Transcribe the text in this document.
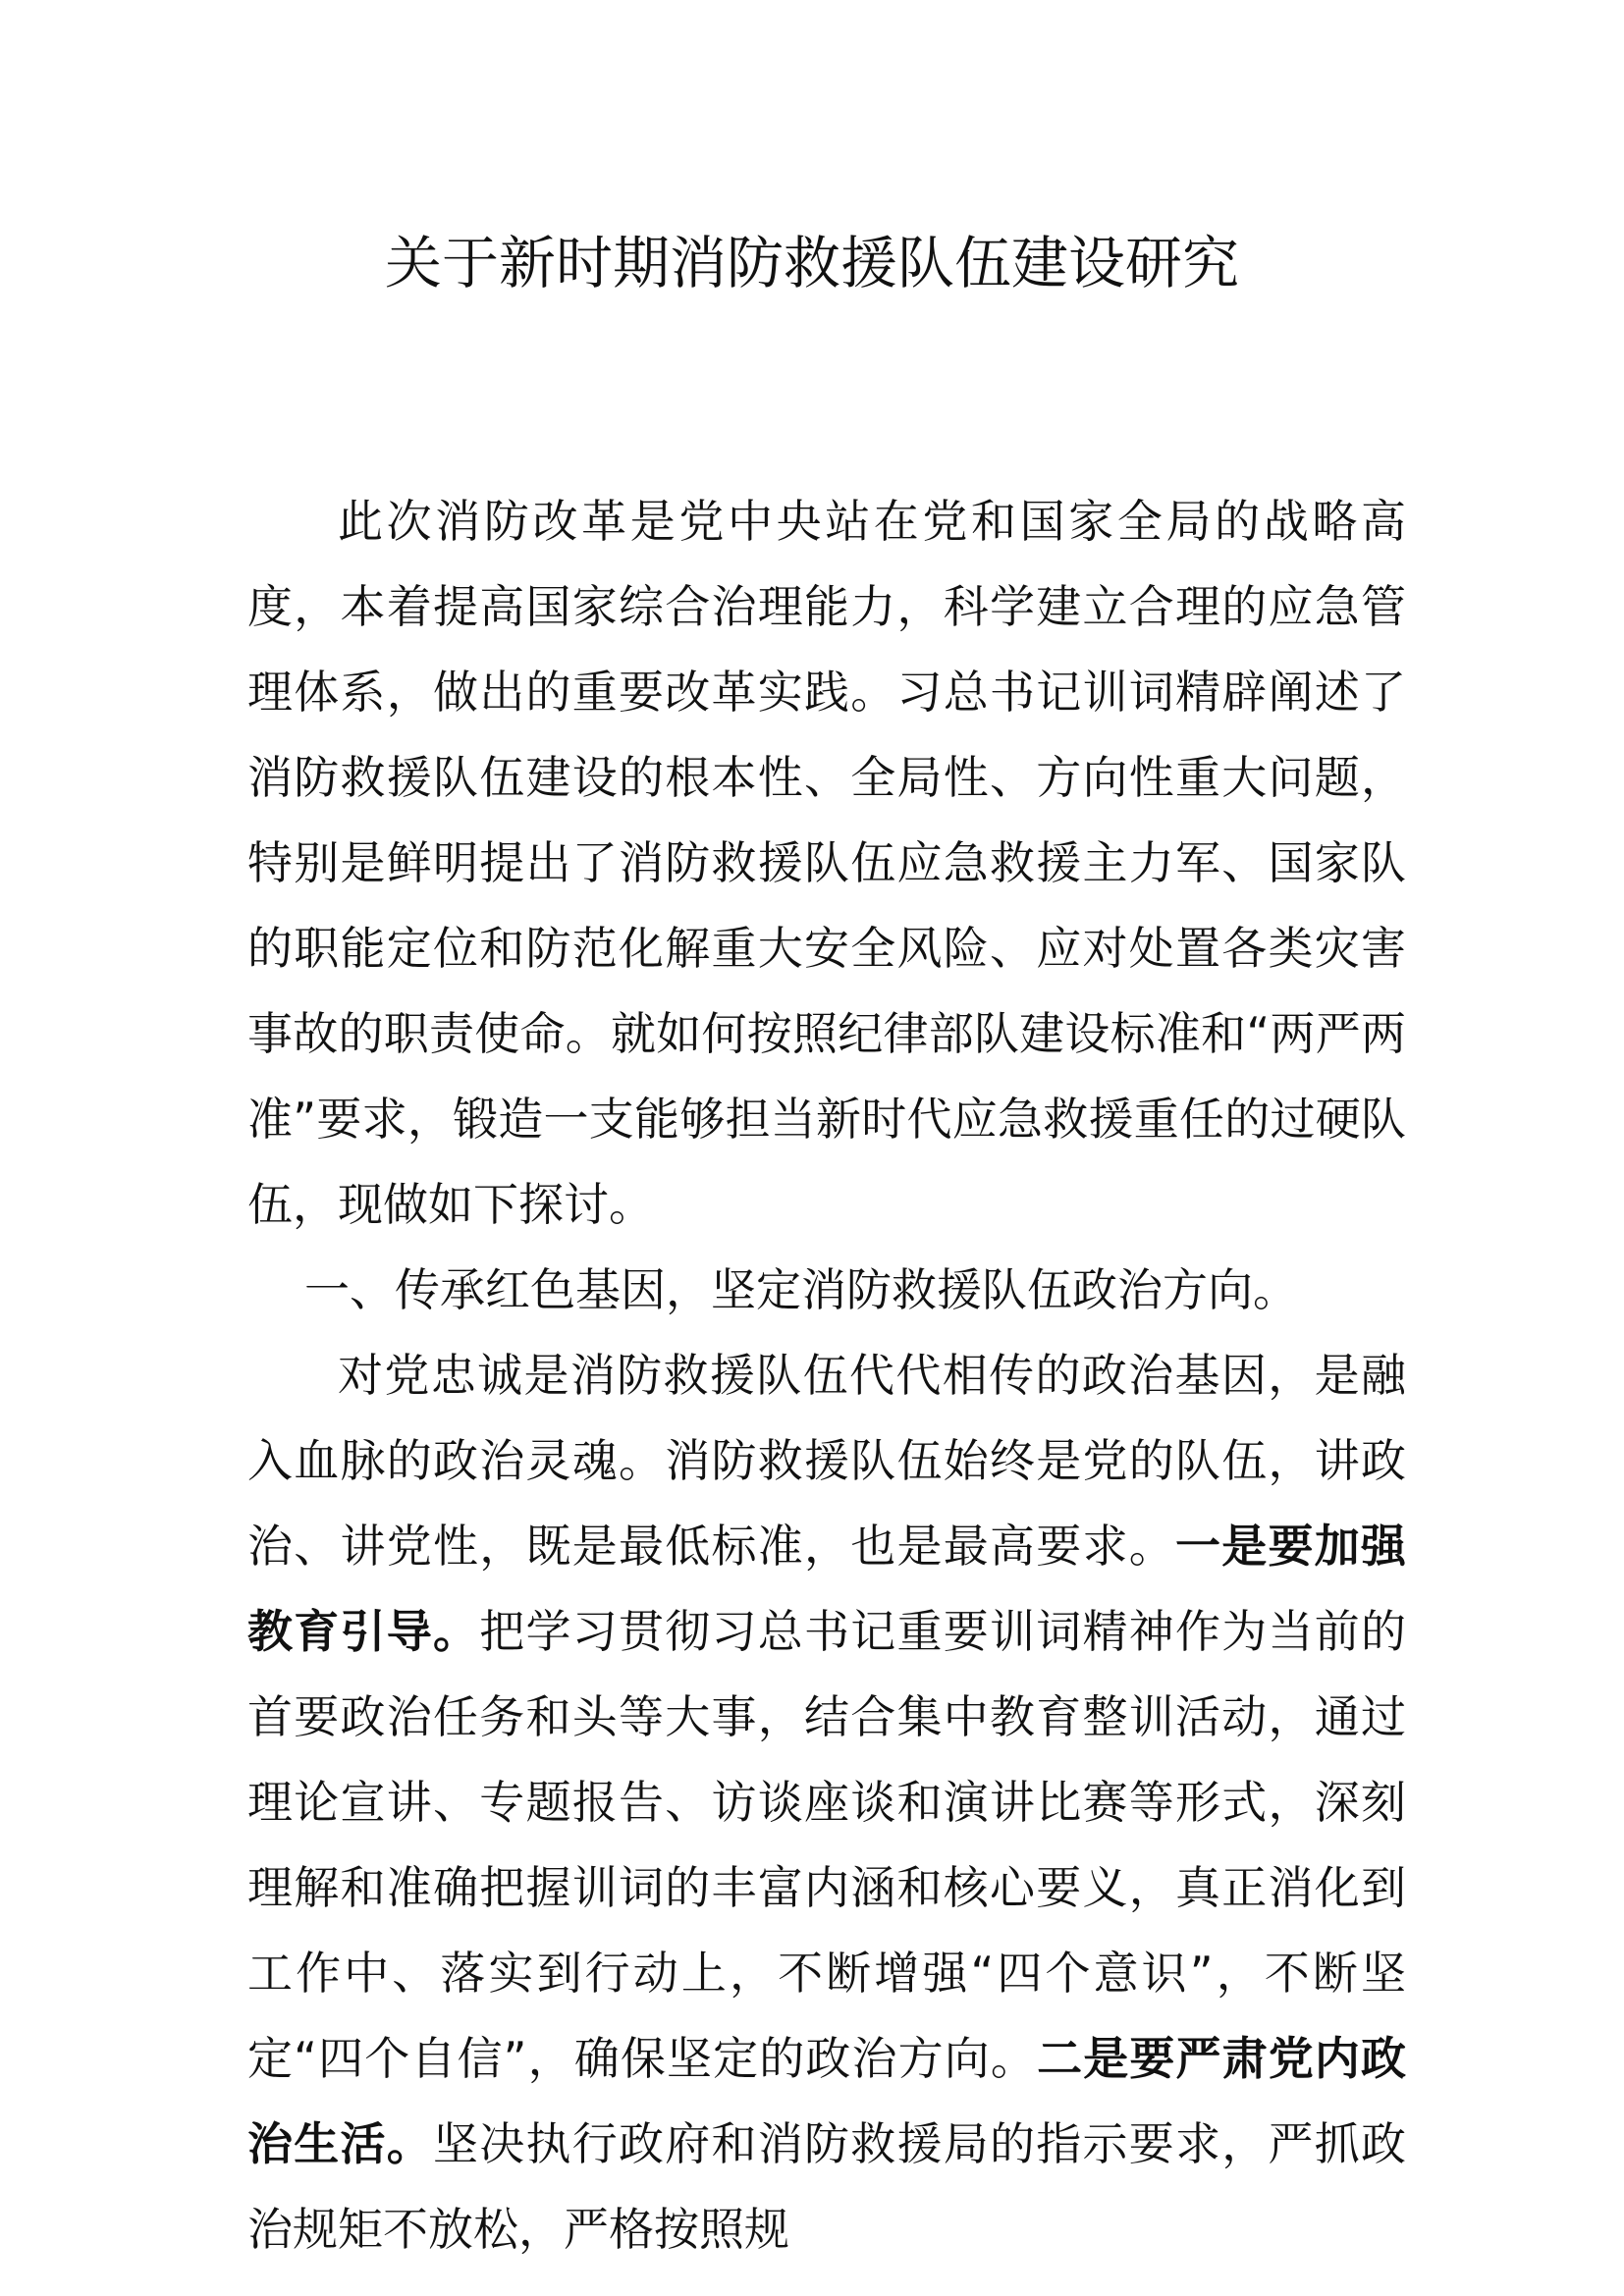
关于新时期消防救援队伍建设研究

此次消防改革是党中央站在党和国家全局的战略高度，本着提高国家综合治理能力，科学建立合理的应急管理体系，做出的重要改革实践。习总书记训词精辟阐述了消防救援队伍建设的根本性、全局性、方向性重大问题，特别是鲜明提出了消防救援队伍应急救援主力军、国家队的职能定位和防范化解重大安全风险、应对处置各类灾害事故的职责使命。就如何按照纪律部队建设标准和“两严两准”要求，锻造一支能够担当新时代应急救援重任的过硬队伍，现做如下探讨。

一、传承红色基因，坚定消防救援队伍政治方向。

对党忠诚是消防救援队伍代代相传的政治基因，是融入血脉的政治灵魂。消防救援队伍始终是党的队伍，讲政治、讲党性，既是最低标准，也是最高要求。一是要加强教育引导。把学习贯彻习总书记重要训词精神作为当前的首要政治任务和头等大事，结合集中教育整训活动，通过理论宣讲、专题报告、访谈座谈和演讲比赛等形式，深刻理解和准确把握训词的丰富内涵和核心要义，真正消化到工作中、落实到行动上，不断增强“四个意识”，不断坚定“四个自信”，确保坚定的政治方向。二是要严肃党内政治生活。坚决执行政府和消防救援局的指示要求，严抓政治规矩不放松，严格按照规
